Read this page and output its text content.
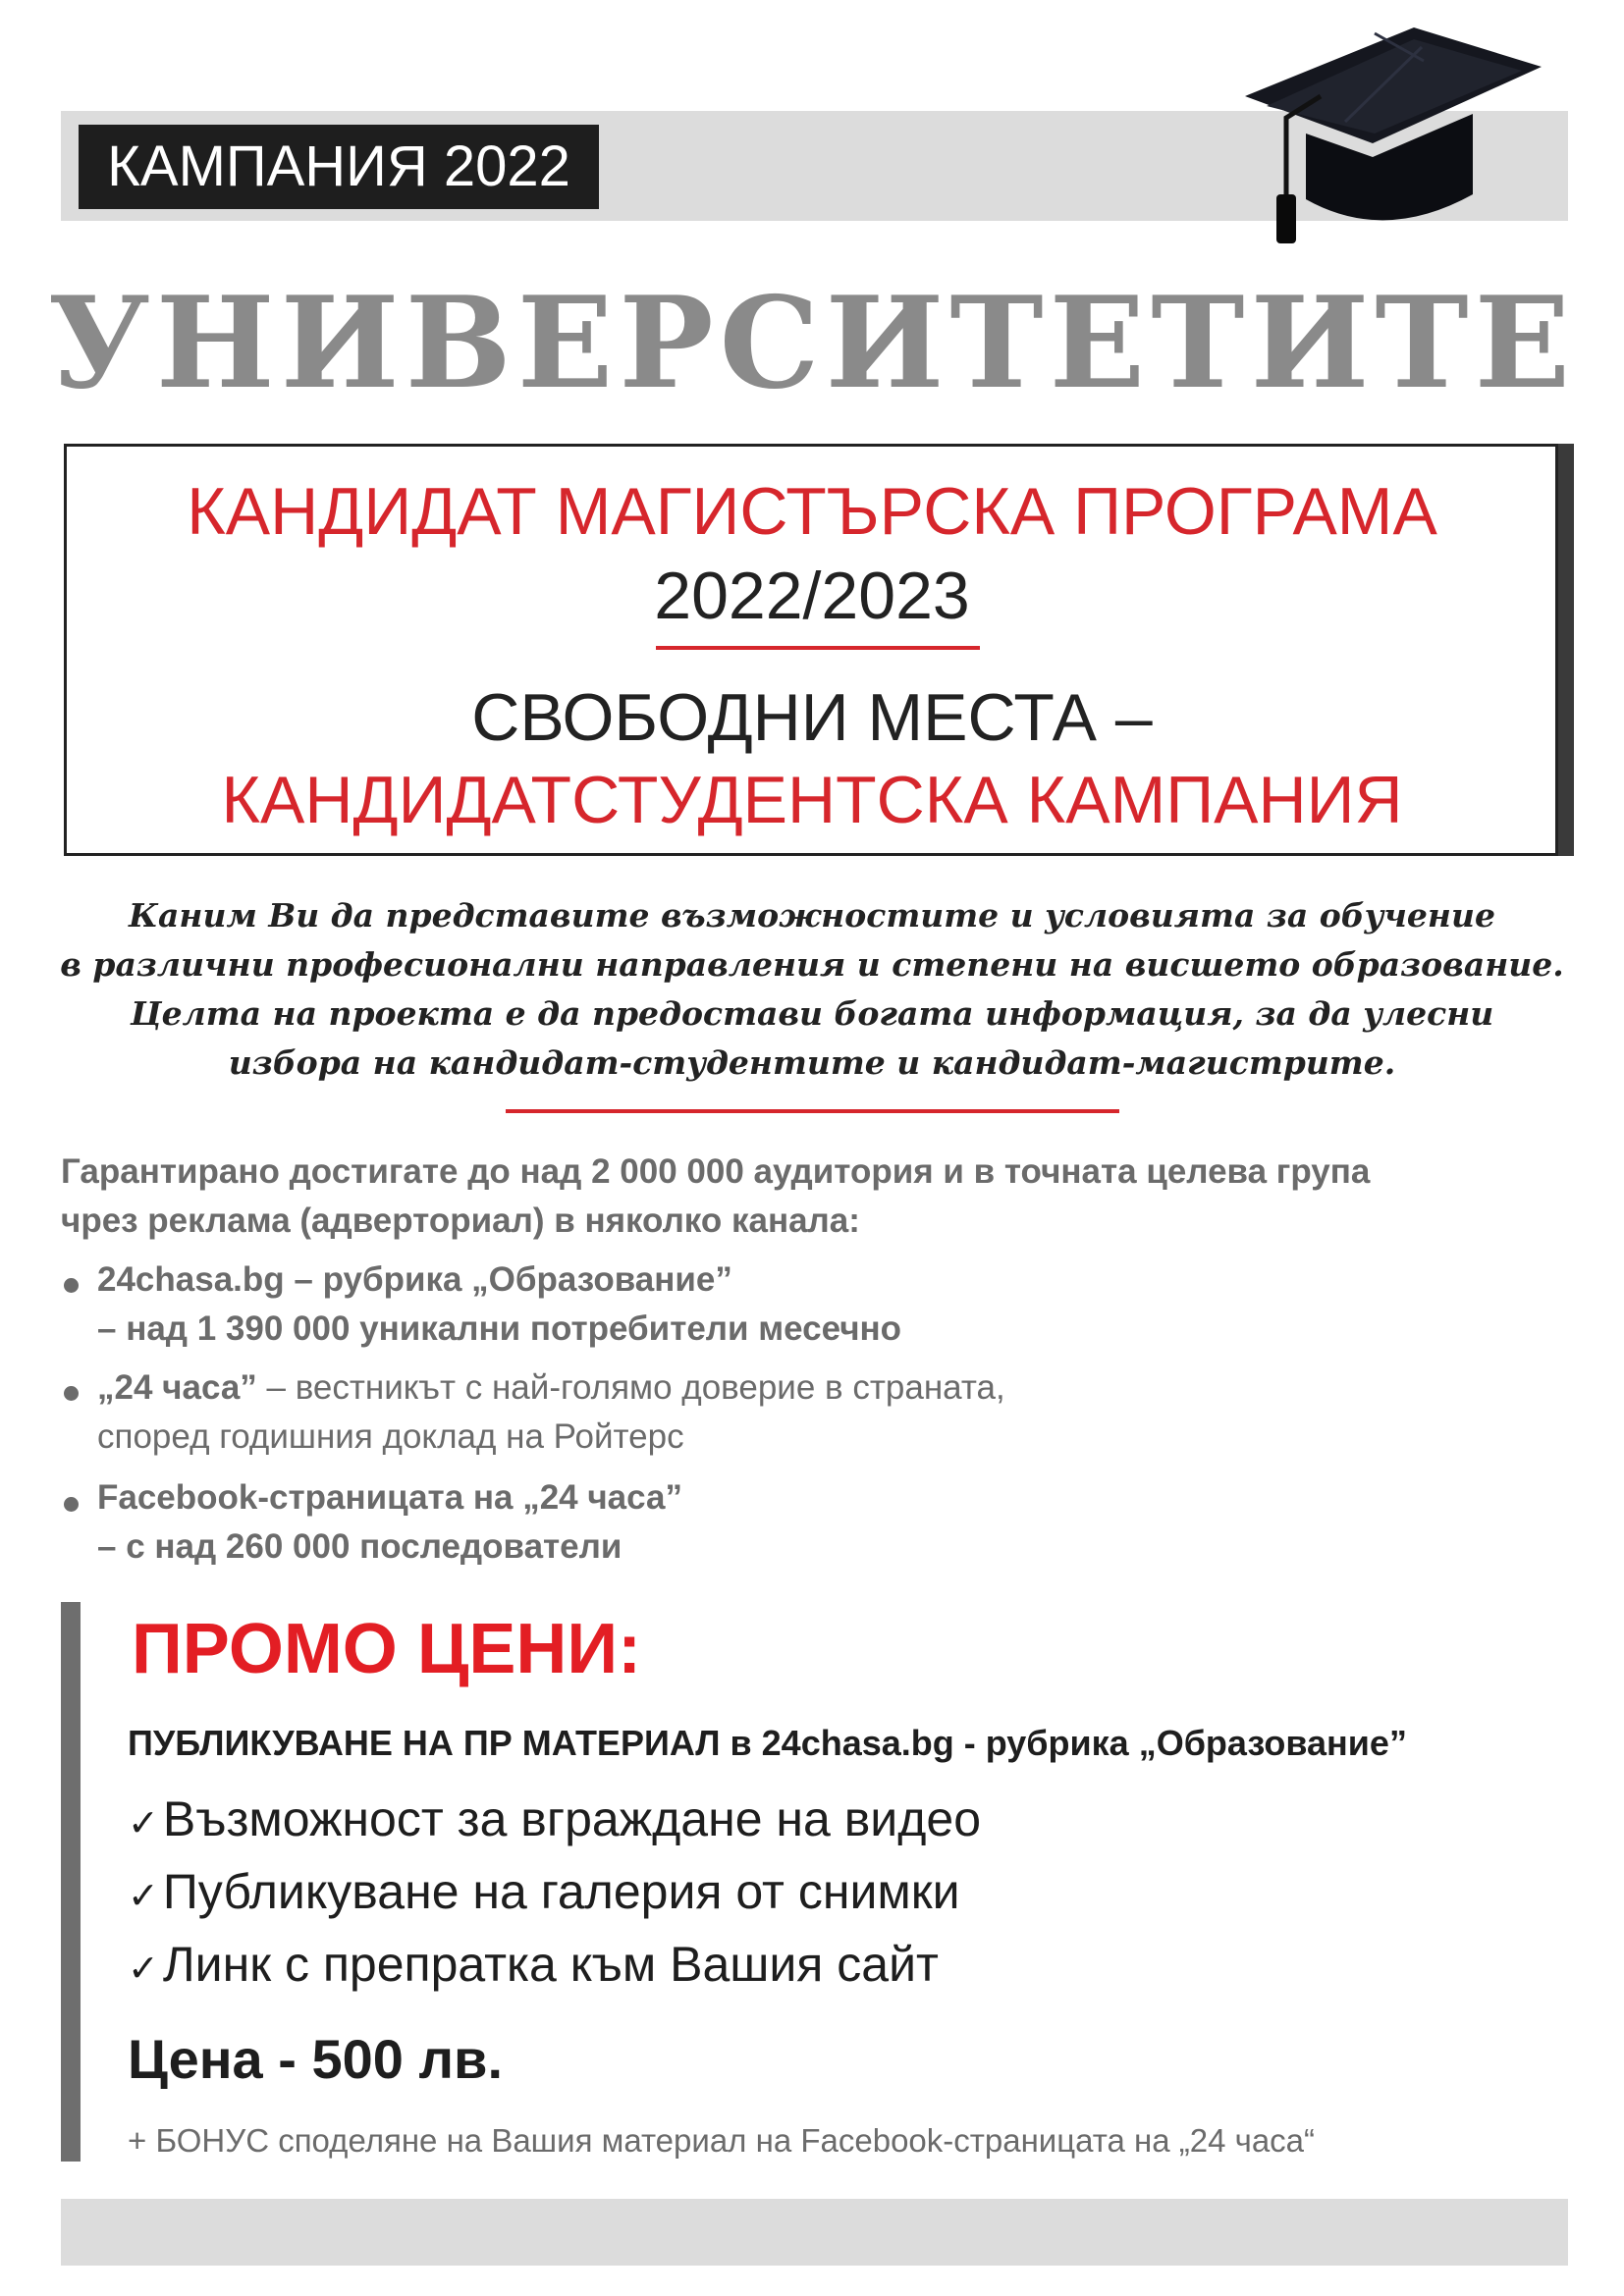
КАМПАНИЯ 2022
УНИВЕРСИТЕТИТЕ
КАНДИДАТ МАГИСТЪРСКА ПРОГРАМА
2022/2023
СВОБОДНИ МЕСТА –
КАНДИДАТСТУДЕНТСКА КАМПАНИЯ
Каним Ви да представите възможностите и условията за обучение
в различни професионални направления и степени на висшето образование.
Целта на проекта е да предостави богата информация, за да улесни
избора на кандидат-студентите и кандидат-магистрите.
Гарантирано достигате до над 2 000 000 аудитория и в точната целева група
чрез реклама (адверториал) в няколко канала:
24chasa.bg – рубрика „Образование”
– над 1 390 000 уникални потребители месечно
„24 часа” – вестникът с най-голямо доверие в страната,
според годишния доклад на Ройтерс
Facebook-страницата на „24 часа”
– с над 260 000 последователи
ПРОМО ЦЕНИ:
ПУБЛИКУВАНЕ НА ПР МАТЕРИАЛ в 24chasa.bg - рубрика „Образование”
✓Възможност за вграждане на видео
✓Публикуване на галерия от снимки
✓Линк с препратка към Вашия сайт
Цена - 500 лв.
+ БОНУС споделяне на Вашия материал на Facebook-страницата на „24 часа“
